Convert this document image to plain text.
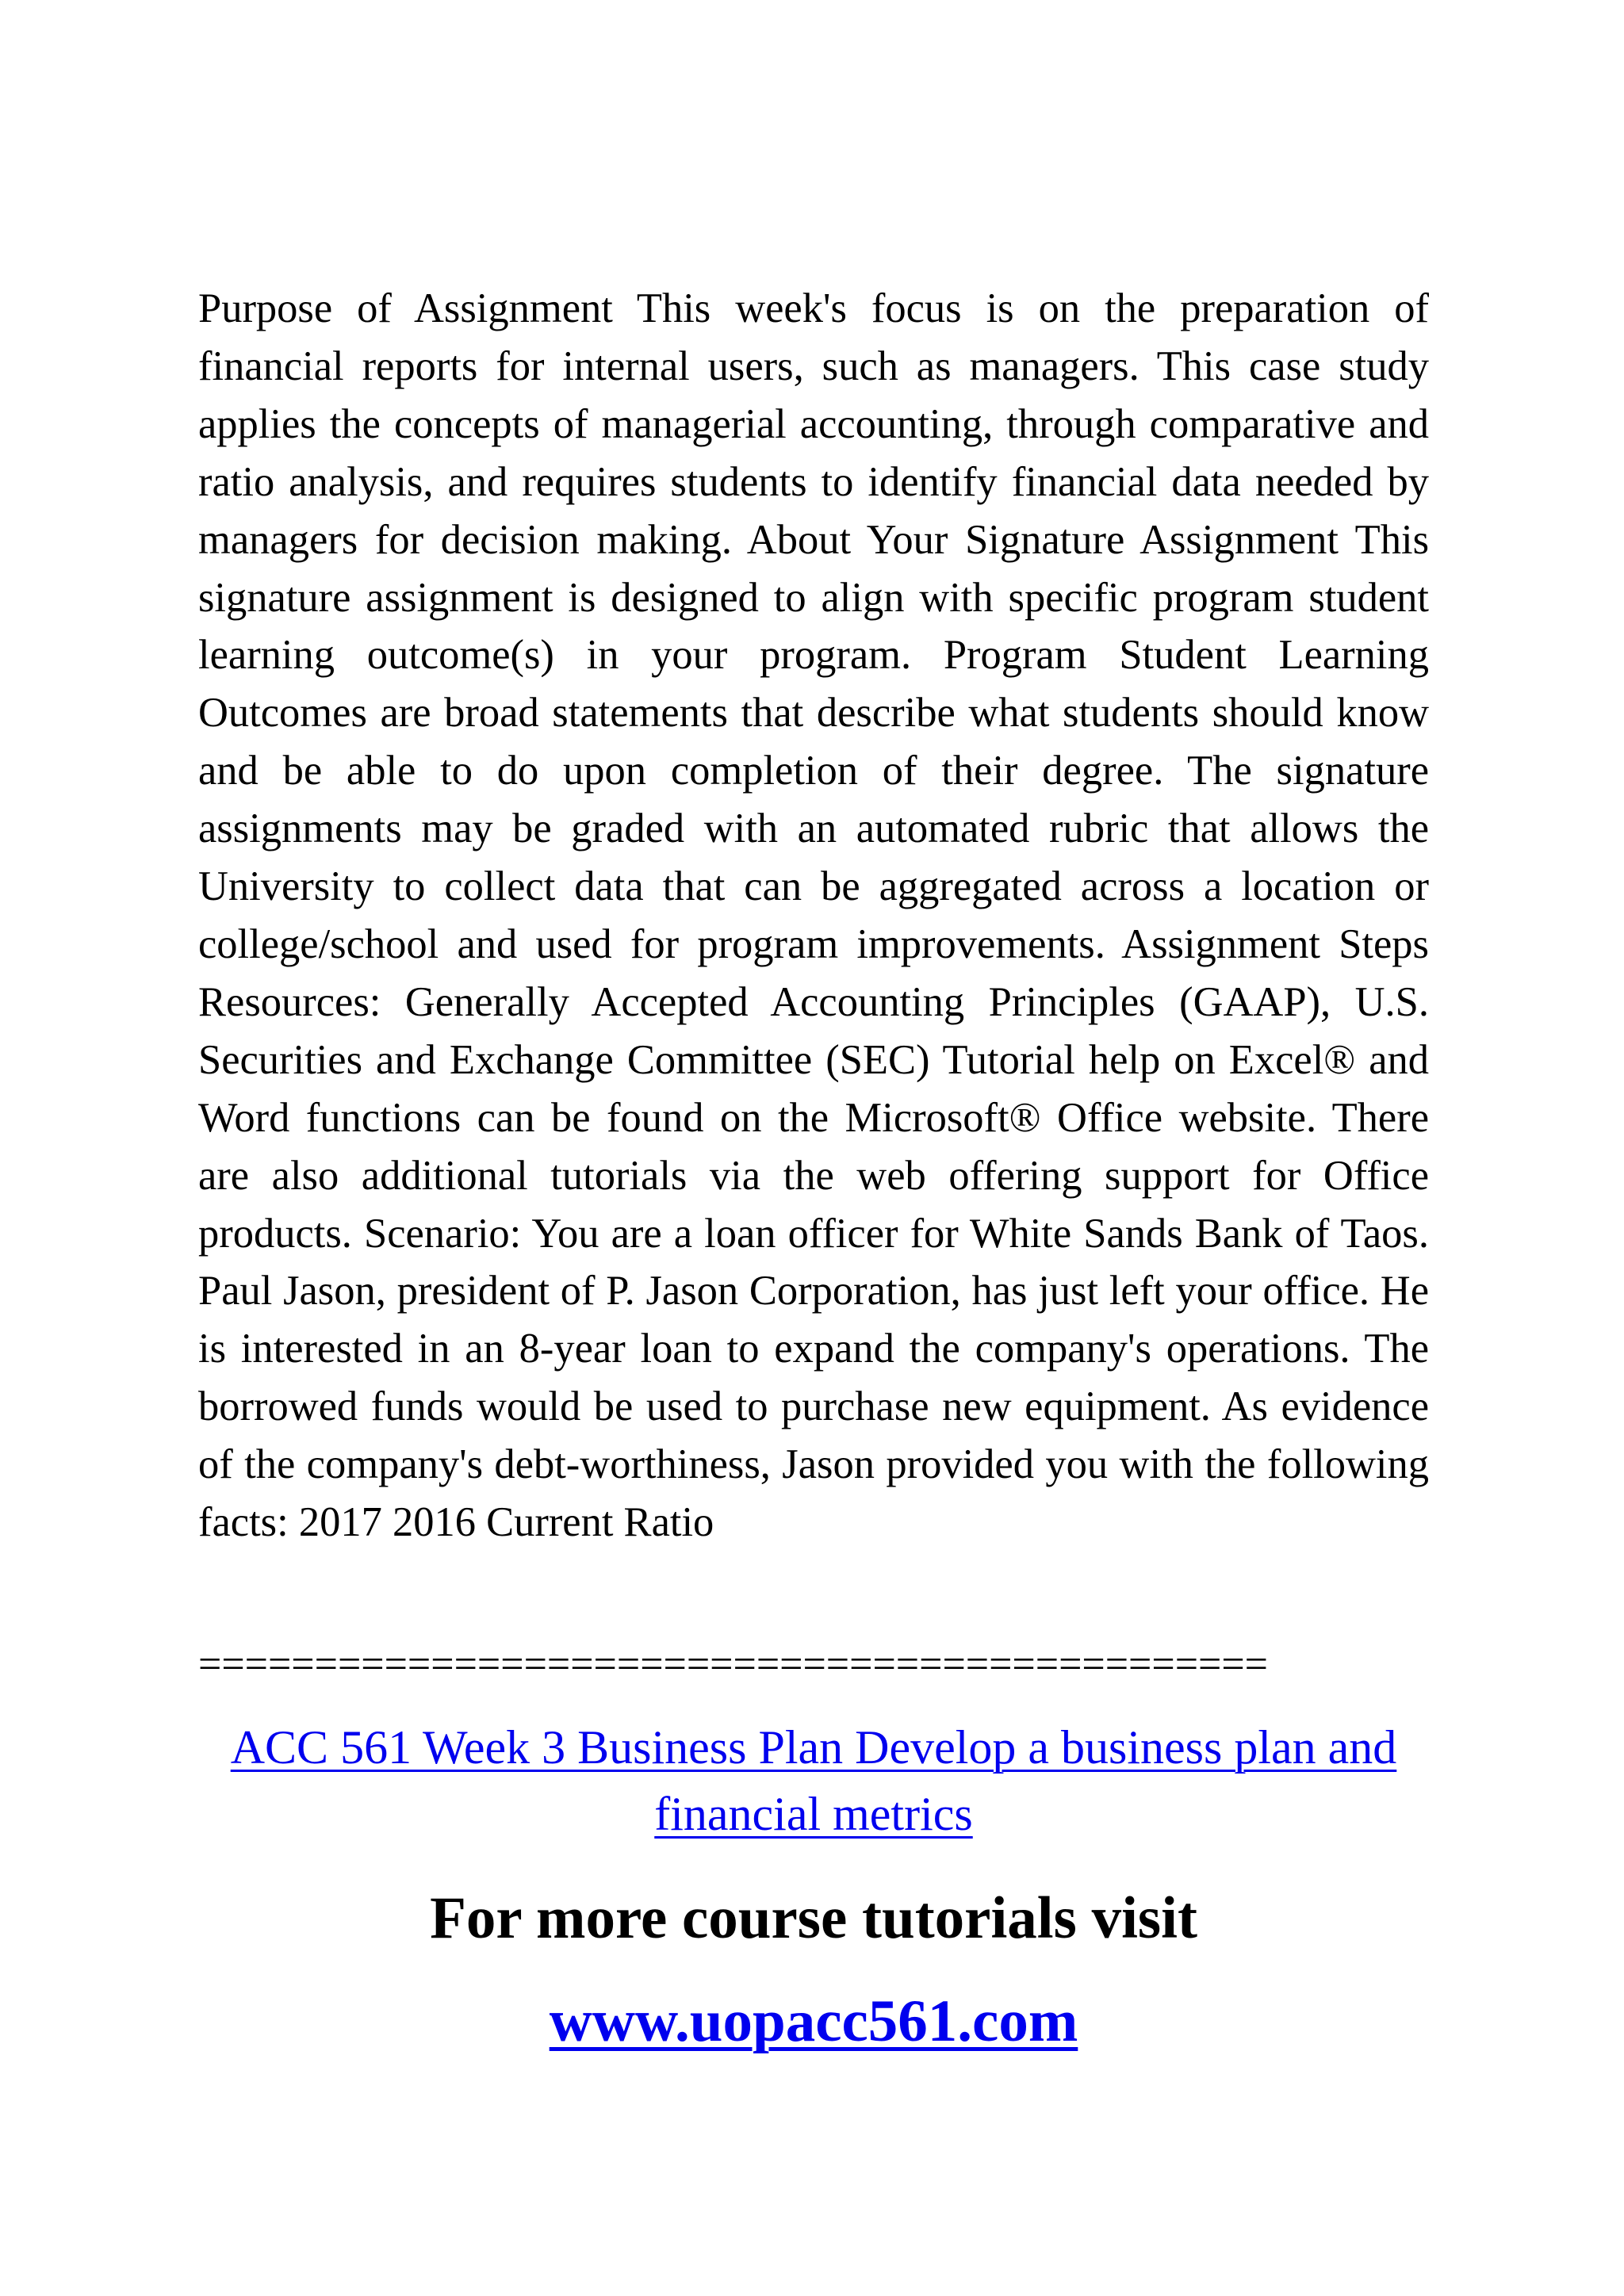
Purpose of Assignment This week's focus is on the preparation of financial reports for internal users, such as managers. This case study applies the concepts of managerial accounting, through comparative and ratio analysis, and requires students to identify financial data needed by managers for decision making. About Your Signature Assignment This signature assignment is designed to align with specific program student learning outcome(s) in your program. Program Student Learning Outcomes are broad statements that describe what students should know and be able to do upon completion of their degree. The signature assignments may be graded with an automated rubric that allows the University to collect data that can be aggregated across a location or college/school and used for program improvements. Assignment Steps Resources: Generally Accepted Accounting Principles (GAAP), U.S. Securities and Exchange Committee (SEC) Tutorial help on Excel® and Word functions can be found on the Microsoft® Office website. There are also additional tutorials via the web offering support for Office products. Scenario: You are a loan officer for White Sands Bank of Taos. Paul Jason, president of P. Jason Corporation, has just left your office. He is interested in an 8-year loan to expand the company's operations. The borrowed funds would be used to purchase new equipment. As evidence of the company's debt-worthiness, Jason provided you with the following facts: 2017 2016 Current Ratio

==============================================

ACC 561 Week 3 Business Plan Develop a business plan and financial metrics

For more course tutorials visit

www.uopacc561.com
